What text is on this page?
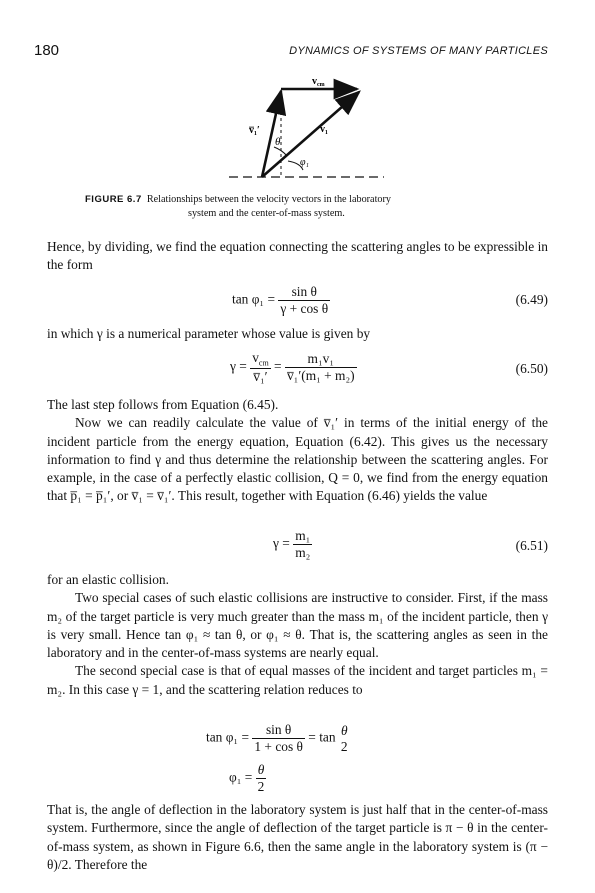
180	DYNAMICS OF SYSTEMS OF MANY PARTICLES
$v_{cm}$
v̅₁′	v₁
θ
φ₁
FIGURE 6.7 Relationships between the velocity vectors in the laboratory
system and the center-of-mass system.

Hence, by dividing, we find the equation connecting the scattering angles to be expressible in the form

$\tan \varphi_1 = \frac{\text{sin θ}}{\text{γ + cos θ}}$	(6.49)

in which γ is a numerical parameter whose value is given by

$\gamma = \frac{v_{cm}}{\text{v̅₁′}} = \frac{\text{m₁v₁}}{\text{v̅₁′(m₁ + m₂)}}$	(6.50)

The last step follows from Equation (6.45).

Now we can readily calculate the value of v̅₁′ in terms of the initial energy of the incident particle from the energy equation, Equation (6.42). This gives us the necessary information to find γ and thus determine the relationship between the scattering angles. For example, in the case of a perfectly elastic collision, Q = 0, we find from the energy equation that p̅₁ = p̅₁′, or v̅₁ = v̅₁′. This result, together with Equation (6.46) yields the value

$\gamma = \frac{\text{m₁}}{\text{m₂}}$	(6.51)

for an elastic collision.

Two special cases of such elastic collisions are instructive to consider. First, if the mass m₂ of the target particle is very much greater than the mass m₁ of the incident particle, then γ is very small. Hence tan φ₁ ≈ tan θ, or φ₁ ≈ θ. That is, the scattering angles as seen in the laboratory and in the center-of-mass systems are nearly equal.

The second special case is that of equal masses of the incident and target particles m₁ = m₂. In this case γ = 1, and the scattering relation reduces to

$\tan \varphi_1 = \frac{\text{sin θ}}{\text{1 + cos θ}} = \tan \theta$
2
$\varphi_1 = \frac{\theta}{2}$

That is, the angle of deflection in the laboratory system is just half that in the center-of-mass system. Furthermore, since the angle of deflection of the target particle is π − θ in the center-of-mass system, as shown in Figure 6.6, then the same angle in the laboratory system is (π − θ)/2. Therefore the
